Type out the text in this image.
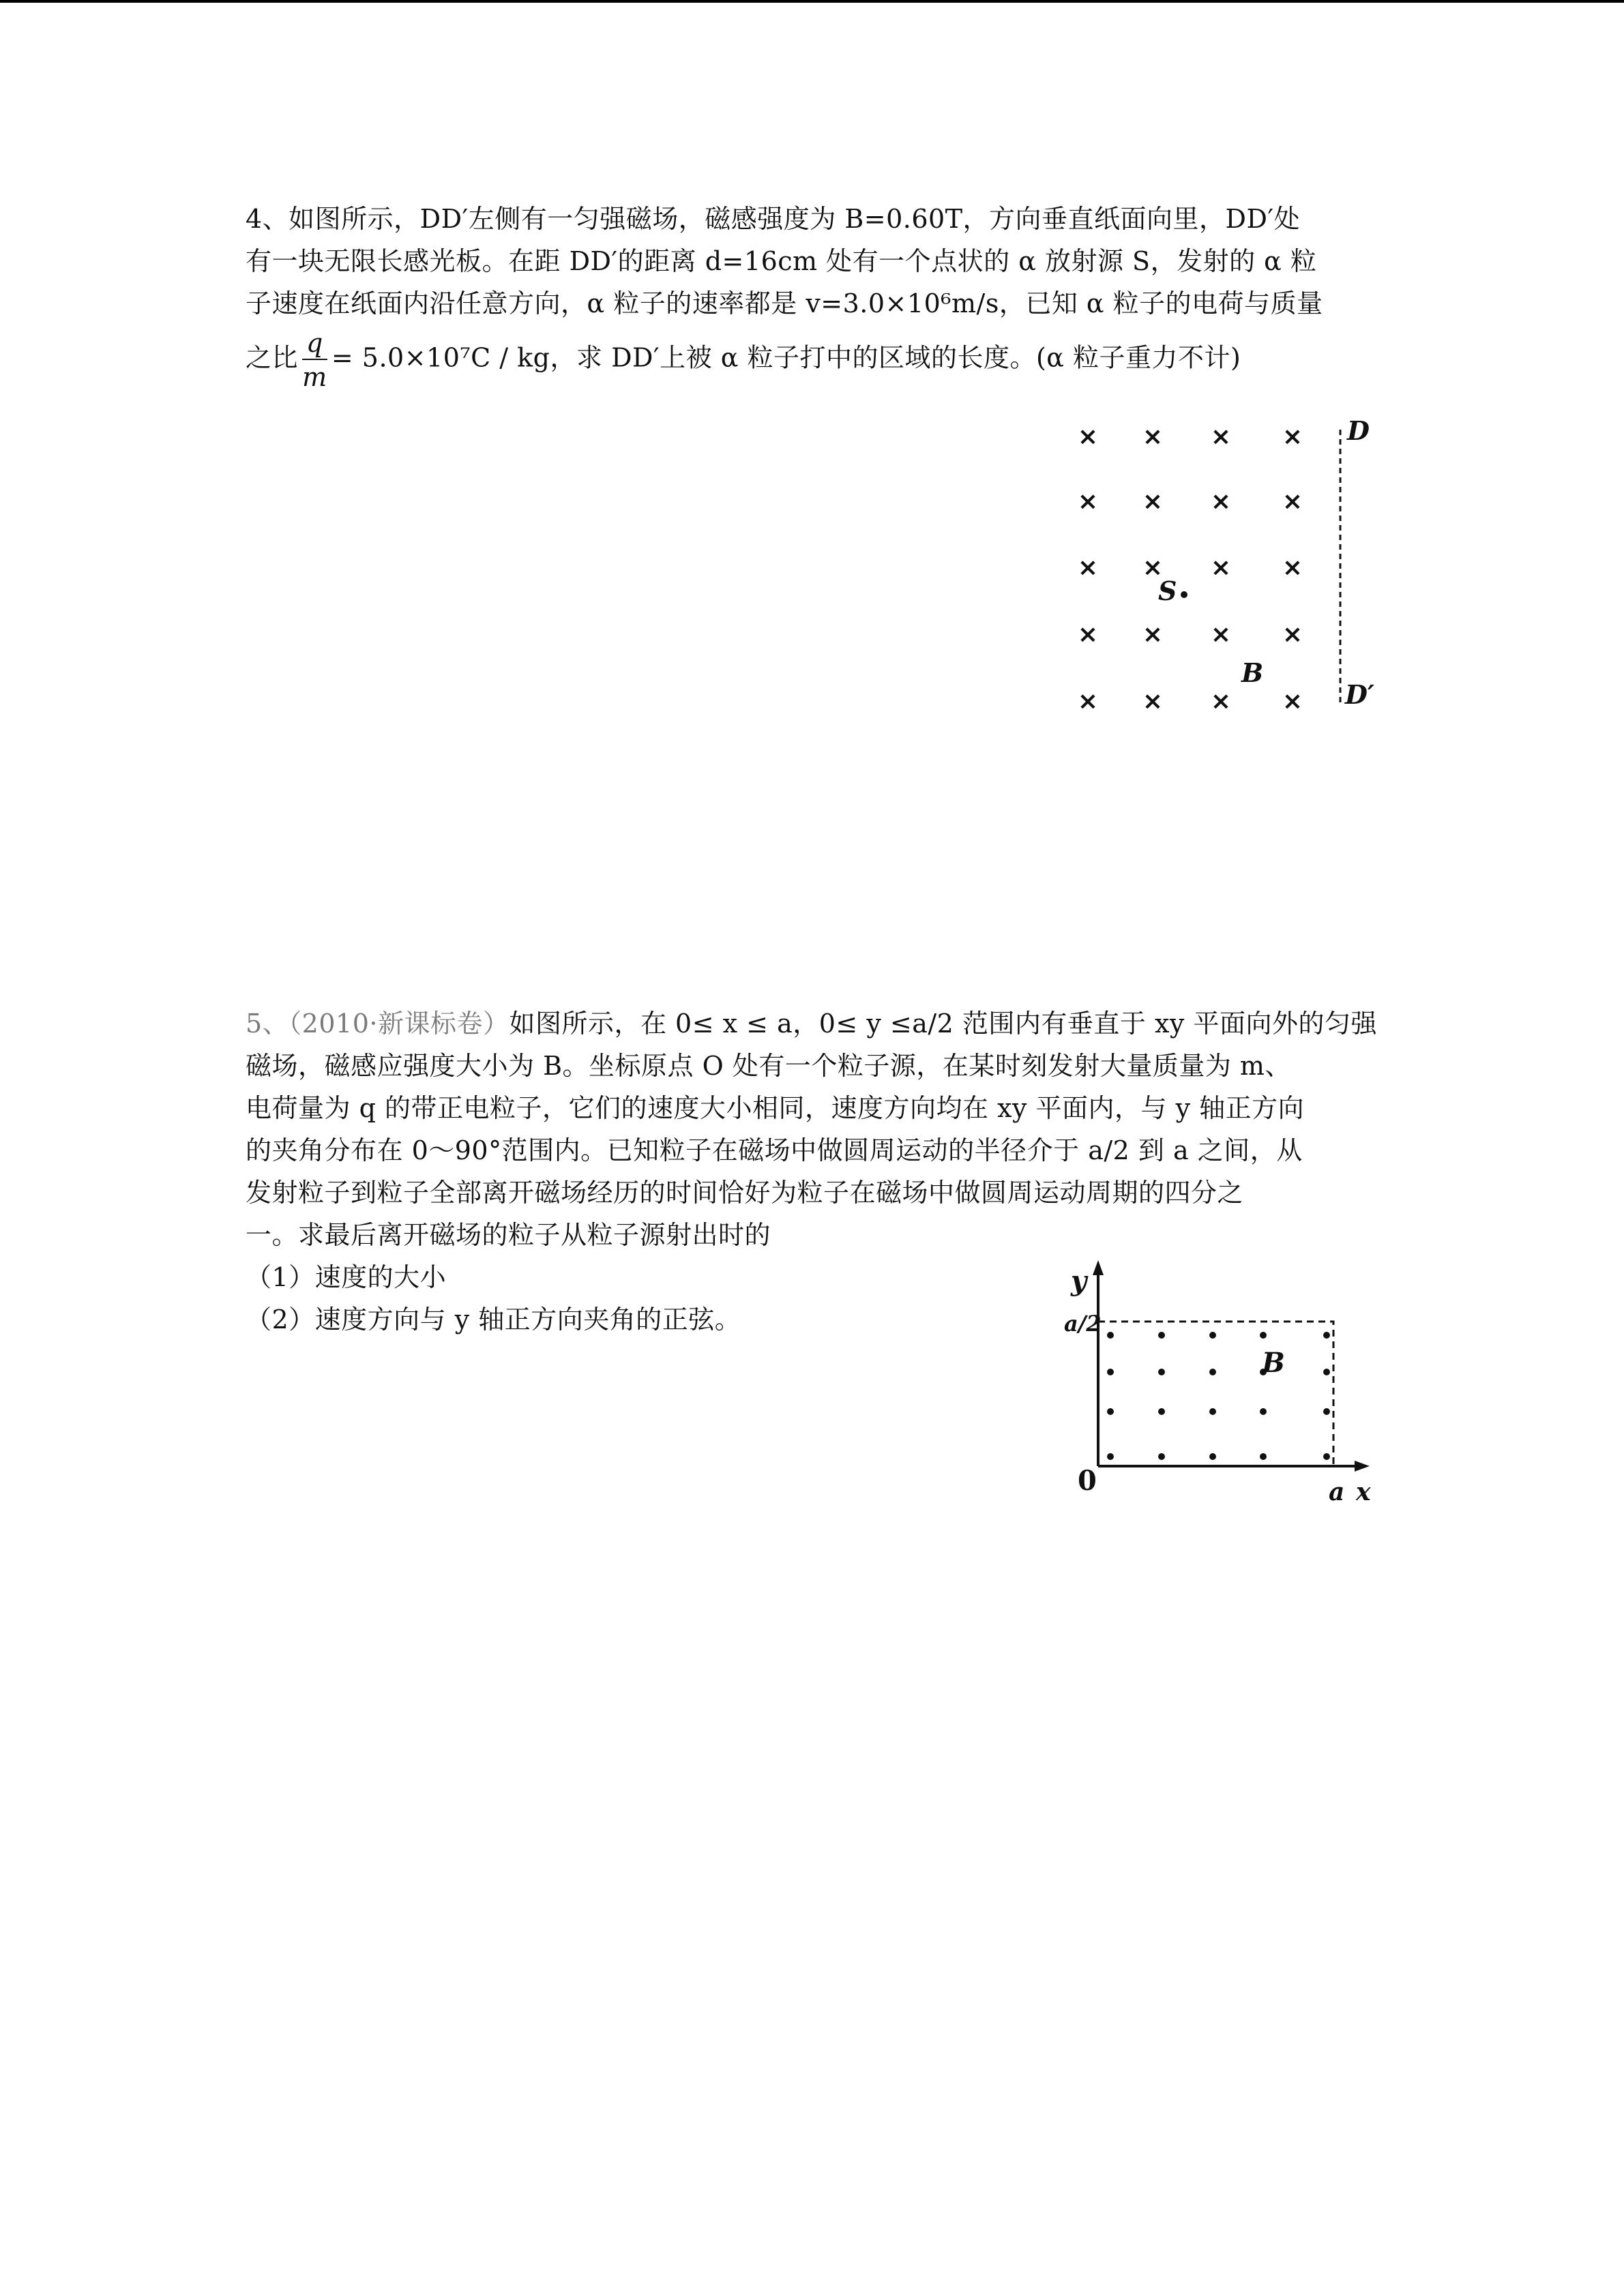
4、如图所示，DD′左侧有一匀强磁场，磁感强度为 B=0.60T，方向垂直纸面向里，DD′处
有一块无限长感光板。在距 DD′的距离 d=16cm 处有一个点状的 α 放射源 S，发射的 α 粒
子速度在纸面内沿任意方向，α 粒子的速率都是 v=3.0×10⁶m/s，已知 α 粒子的电荷与质量
之比 $\frac{q}{m} = 5.0\times 10^7C$ / kg，求 DD′上被 α 粒子打中的区域的长度。(α 粒子重力不计)
× × × ×
× × × ×
× × × ×
× × × ×
× × × ×
D
D′
S
B
5、（2010·新课标卷）如图所示，在 0≤ x ≤ a，0≤ y ≤a/2 范围内有垂直于 xy 平面向外的匀强
磁场，磁感应强度大小为 B。坐标原点 O 处有一个粒子源，在某时刻发射大量质量为 m、
电荷量为 q 的带正电粒子，它们的速度大小相同，速度方向均在 xy 平面内，与 y 轴正方向
的夹角分布在 0～90°范围内。已知粒子在磁场中做圆周运动的半径介于 a/2 到 a 之间，从
发射粒子到粒子全部离开磁场经历的时间恰好为粒子在磁场中做圆周运动周期的四分之
一。求最后离开磁场的粒子从粒子源射出时的
（1）速度的大小
（2）速度方向与 y 轴正方向夹角的正弦。
y
a/2
0	a x
B
